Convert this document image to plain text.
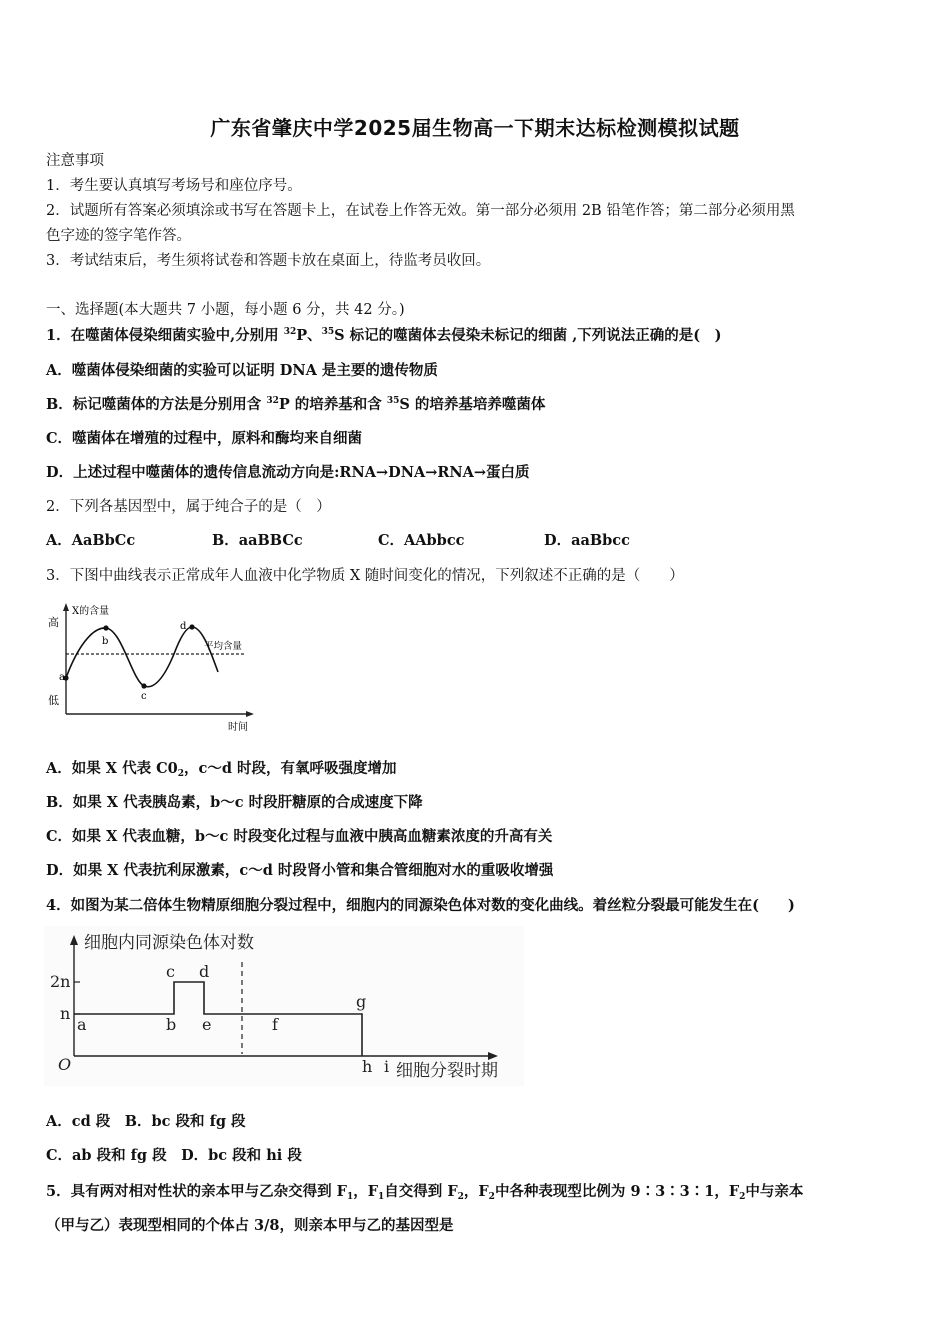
广东省肇庆中学2025届生物高一下期末达标检测模拟试题
注意事项
1．考生要认真填写考场号和座位序号。
2．试题所有答案必须填涂或书写在答题卡上，在试卷上作答无效。第一部分必须用 2B 铅笔作答；第二部分必须用黑
色字迹的签字笔作答。
3．考试结束后，考生须将试卷和答题卡放在桌面上，待监考员收回。
一、选择题(本大题共 7 小题，每小题 6 分，共 42 分。)
1．在噬菌体侵染细菌实验中,分别用 $^{32}$P、$^{35}$S 标记的噬菌体去侵染未标记的细菌 ,下列说法正确的是(　)
A．噬菌体侵染细菌的实验可以证明 DNA 是主要的遗传物质
B．标记噬菌体的方法是分别用含 $^{32}$P 的培养基和含 $^{35}$S 的培养基培养噬菌体
C．噬菌体在增殖的过程中，原料和酶均来自细菌
D．上述过程中噬菌体的遗传信息流动方向是:RNA→DNA→RNA→蛋白质
2．下列各基因型中，属于纯合子的是（　）
A．AaBbCc	B．aaBBCc	C．AAbbcc	D．aaBbcc
3．下图中曲线表示正常成年人血液中化学物质 X 随时间变化的情况，下列叙述不正确的是（　　）
X的含量
高
低
时间
平均含量
a
b
c
d
A．如果 X 代表 $C0_2$，c～d 时段，有氧呼吸强度增加
B．如果 X 代表胰岛素，b～c 时段肝糖原的合成速度下降
C．如果 X 代表血糖，b～c 时段变化过程与血液中胰高血糖素浓度的升高有关
D．如果 X 代表抗利尿激素，c～d 时段肾小管和集合管细胞对水的重吸收增强
4．如图为某二倍体生物精原细胞分裂过程中，细胞内的同源染色体对数的变化曲线。着丝粒分裂最可能发生在(　　)
细胞内同源染色体对数
细胞分裂时期
O
2n
n
a	b
c d
e	f
g
h i
A．cd 段　B．bc 段和 fg 段
C．ab 段和 fg 段　D．bc 段和 hi 段
5．具有两对相对性状的亲本甲与乙杂交得到 $F_1$，$F_1$自交得到 $F_2$，$F_2$中各种表现型比例为 9∶3∶3∶1，$F_2$中与亲本
（甲与乙）表现型相同的个体占 3/8，则亲本甲与乙的基因型是
